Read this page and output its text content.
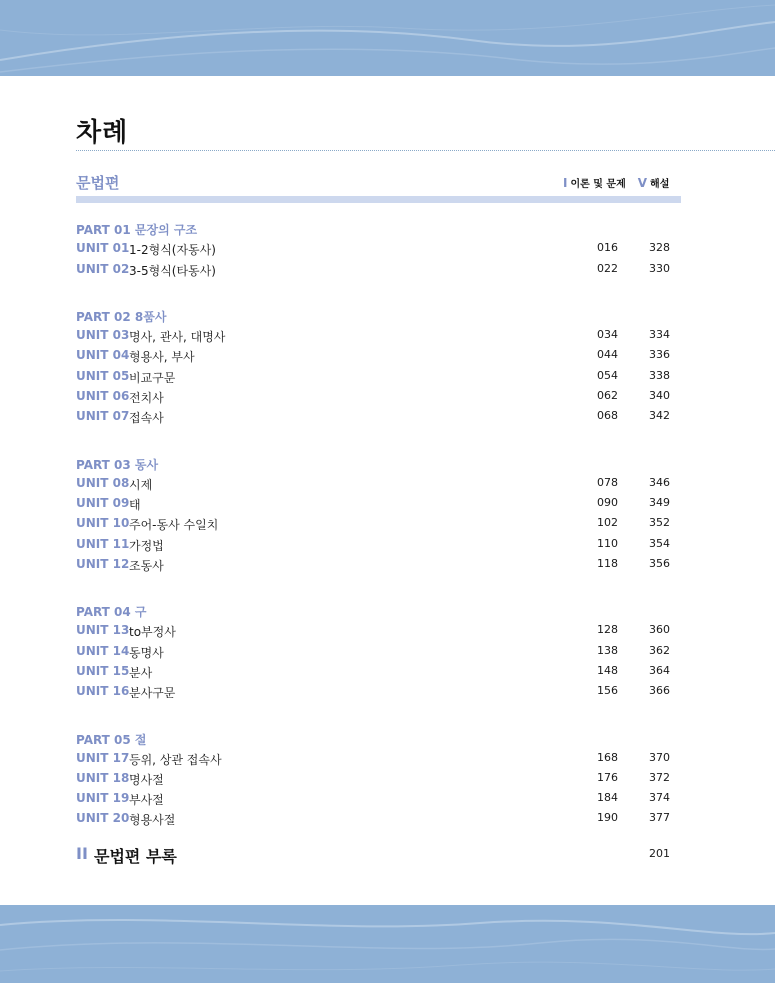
차례
문법편	I 이론 및 문제 V 해설
PART 01 문장의 구조
PART 02 8품사
PART 03 동사
PART 04 구
PART 05 절
UNIT 01 1-2형식(자동사)	016	328
UNIT 02 3-5형식(타동사)	022	330
UNIT 03 명사, 관사, 대명사	034	334
UNIT 04 형용사, 부사	044	336
UNIT 05 비교구문	054	338
UNIT 06 전치사	062	340
UNIT 07 접속사	068	342
UNIT 08 시제	078	346
UNIT 09 태	090	349
UNIT 10 주어-동사 수일치	102	352
UNIT 11 가정법	110	354
UNIT 12 조동사	118	356
UNIT 13 to부정사	128	360
UNIT 14 동명사	138	362
UNIT 15 분사	148	364
UNIT 16 분사구문	156	366
UNIT 17 등위, 상관 접속사	168	370
UNIT 18 명사절	176	372
UNIT 19 부사절	184	374
UNIT 20 형용사절	190	377
II 문법편 부록	201
